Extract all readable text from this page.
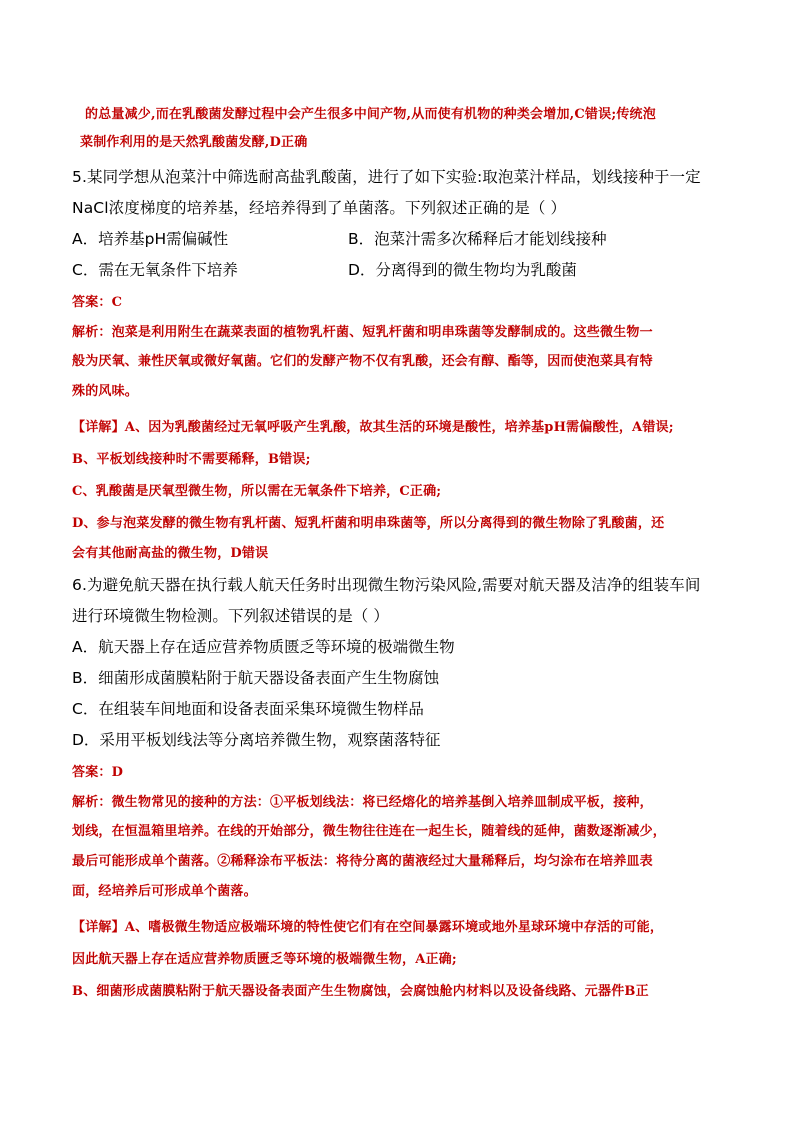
的总量减少,而在乳酸菌发酵过程中会产生很多中间产物,从而使有机物的种类会增加,C错误;传统泡
菜制作利用的是天然乳酸菌发酵,D正确
5.某同学想从泡菜汁中筛选耐高盐乳酸菌，进行了如下实验:取泡菜汁样品，划线接种于一定
NaCl浓度梯度的培养基，经培养得到了单菌落。下列叙述正确的是（ ）
A．培养基pH需偏碱性	B．泡菜汁需多次稀释后才能划线接种
C．需在无氧条件下培养	D．分离得到的微生物均为乳酸菌
答案：C
解析：泡菜是利用附生在蔬菜表面的植物乳杆菌、短乳杆菌和明串珠菌等发酵制成的。这些微生物一
般为厌氧、兼性厌氧或微好氧菌。它们的发酵产物不仅有乳酸，还会有醇、酯等，因而使泡菜具有特
殊的风味。
【详解】A、因为乳酸菌经过无氧呼吸产生乳酸，故其生活的环境是酸性，培养基pH需偏酸性，A错误;
B、平板划线接种时不需要稀释，B错误;
C、乳酸菌是厌氧型微生物，所以需在无氧条件下培养，C正确;
D、参与泡菜发酵的微生物有乳杆菌、短乳杆菌和明串珠菌等，所以分离得到的微生物除了乳酸菌，还
会有其他耐高盐的微生物，D错误
6.为避免航天器在执行载人航天任务时出现微生物污染风险,需要对航天器及洁净的组装车间
进行环境微生物检测。下列叙述错误的是（ ）
A．航天器上存在适应营养物质匮乏等环境的极端微生物
B．细菌形成菌膜粘附于航天器设备表面产生生物腐蚀
C．在组装车间地面和设备表面采集环境微生物样品
D．采用平板划线法等分离培养微生物，观察菌落特征
答案：D
解析：微生物常见的接种的方法：①平板划线法：将已经熔化的培养基倒入培养皿制成平板，接种，
划线，在恒温箱里培养。在线的开始部分，微生物往往连在一起生长，随着线的延伸，菌数逐渐减少，
最后可能形成单个菌落。②稀释涂布平板法：将待分离的菌液经过大量稀释后，均匀涂布在培养皿表
面，经培养后可形成单个菌落。
【详解】A、嗜极微生物适应极端环境的特性使它们有在空间暴露环境或地外星球环境中存活的可能，
因此航天器上存在适应营养物质匮乏等环境的极端微生物，A正确;
B、细菌形成菌膜粘附于航天器设备表面产生生物腐蚀，会腐蚀舱内材料以及设备线路、元器件B正
